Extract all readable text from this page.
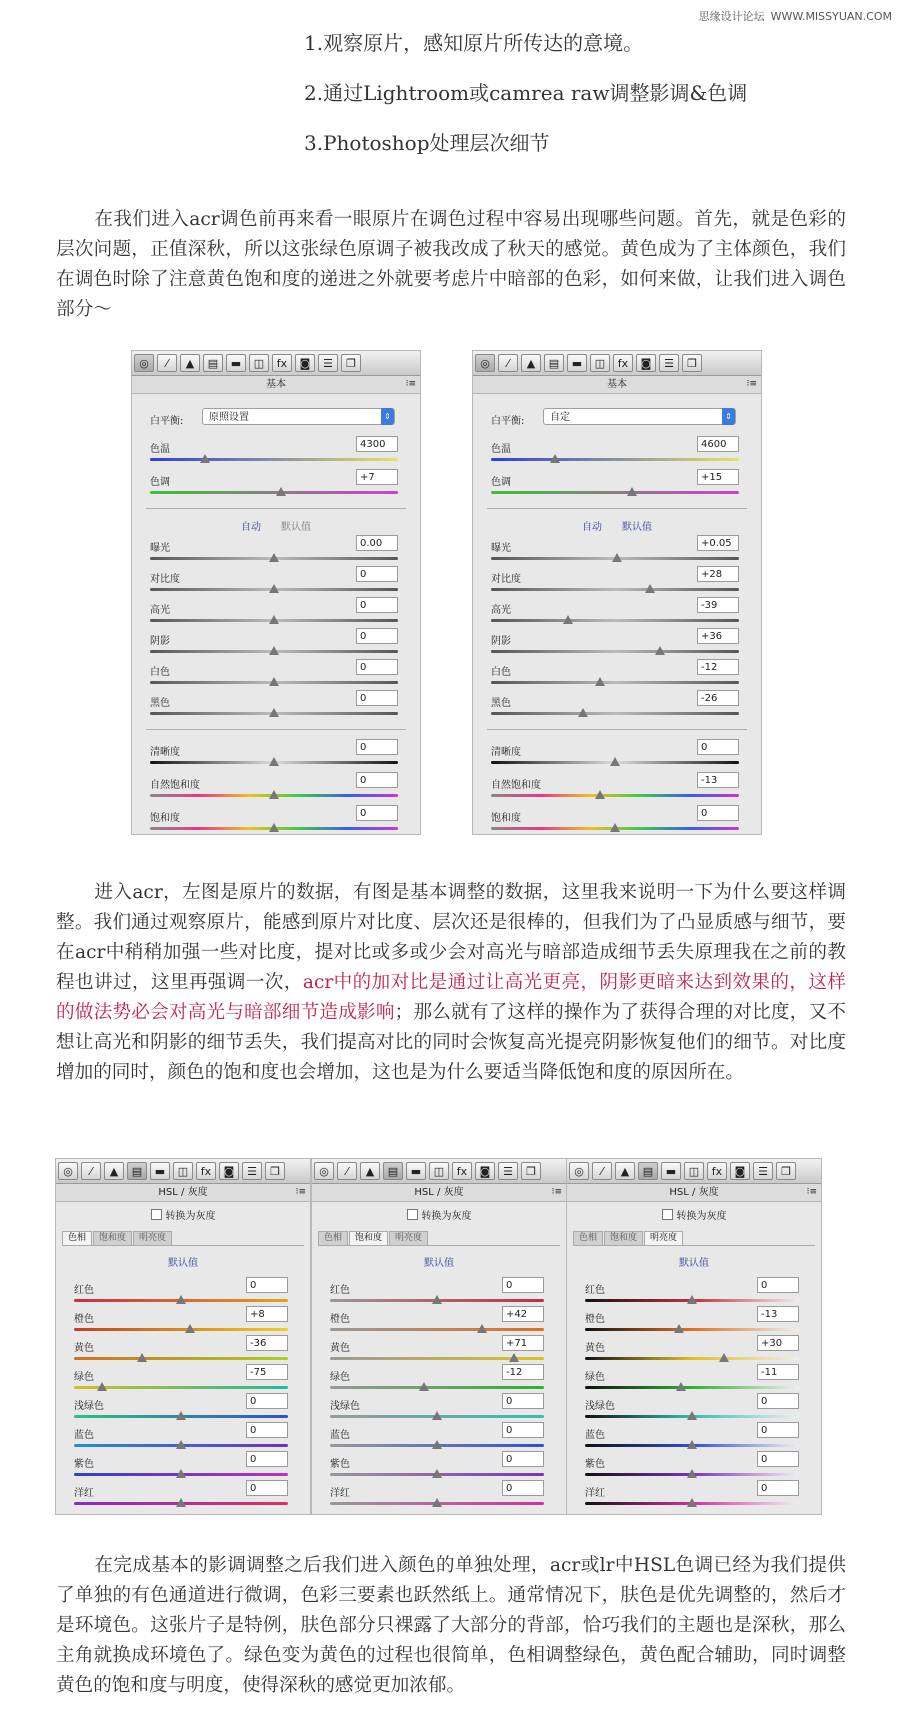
思缘设计论坛 WWW.MISSYUAN.COM
1.观察原片，感知原片所传达的意境。
2.通过Lightroom或camrea raw调整影调&色调
3.Photoshop处理层次细节
在我们进入acr调色前再来看一眼原片在调色过程中容易出现哪些问题。首先，就是色彩的层次问题，正值深秋，所以这张绿色原调子被我改成了秋天的感觉。黄色成为了主体颜色，我们在调色时除了注意黄色饱和度的递进之外就要考虑片中暗部的色彩，如何来做，让我们进入调色部分～
◎	⁄	▲	▤	▬	◫	fx	◙	☰	❐
基本	⁝≡
白平衡:	原照设置	⇕
色温	4300
色调	+7
自动 默认值
曝光	0.00
对比度	0
高光	0
阴影	0
白色	0
黑色	0
清晰度	0
自然饱和度	0
饱和度	0
◎	⁄	▲	▤	▬	◫	fx	◙	☰	❐
基本	⁝≡
白平衡:	自定	⇕
色温	4600
色调	+15
自动 默认值
曝光	+0.05
对比度	+28
高光	-39
阴影	+36
白色	-12
黑色	-26
清晰度	0
自然饱和度	-13
饱和度	0
进入acr，左图是原片的数据，有图是基本调整的数据，这里我来说明一下为什么要这样调整。我们通过观察原片，能感到原片对比度、层次还是很棒的，但我们为了凸显质感与细节，要在acr中稍稍加强一些对比度，提对比或多或少会对高光与暗部造成细节丢失原理我在之前的教程也讲过，这里再强调一次，acr中的加对比是通过让高光更亮，阴影更暗来达到效果的，这样的做法势必会对高光与暗部细节造成影响；那么就有了这样的操作为了获得合理的对比度，又不想让高光和阴影的细节丢失，我们提高对比的同时会恢复高光提亮阴影恢复他们的细节。对比度增加的同时，颜色的饱和度也会增加，这也是为什么要适当降低饱和度的原因所在。
◎	⁄	▲	▤	▬	◫	fx	◙	☰	❐
HSL / 灰度	⁝≡
转换为灰度
色相	饱和度	明亮度
默认值
红色	0
橙色	+8
黄色	-36
绿色	-75
浅绿色	0
蓝色	0
紫色	0
洋红	0
◎	⁄	▲	▤	▬	◫	fx	◙	☰	❐
HSL / 灰度	⁝≡
转换为灰度
色相	饱和度	明亮度
默认值
红色	0
橙色	+42
黄色	+71
绿色	-12
浅绿色	0
蓝色	0
紫色	0
洋红	0
◎	⁄	▲	▤	▬	◫	fx	◙	☰	❐
HSL / 灰度	⁝≡
转换为灰度
色相	饱和度	明亮度
默认值
红色	0
橙色	-13
黄色	+30
绿色	-11
浅绿色	0
蓝色	0
紫色	0
洋红	0
在完成基本的影调调整之后我们进入颜色的单独处理，acr或lr中HSL色调已经为我们提供了单独的有色通道进行微调，色彩三要素也跃然纸上。通常情况下，肤色是优先调整的，然后才是环境色。这张片子是特例，肤色部分只裸露了大部分的背部，恰巧我们的主题也是深秋，那么主角就换成环境色了。绿色变为黄色的过程也很简单，色相调整绿色，黄色配合辅助，同时调整黄色的饱和度与明度，使得深秋的感觉更加浓郁。
